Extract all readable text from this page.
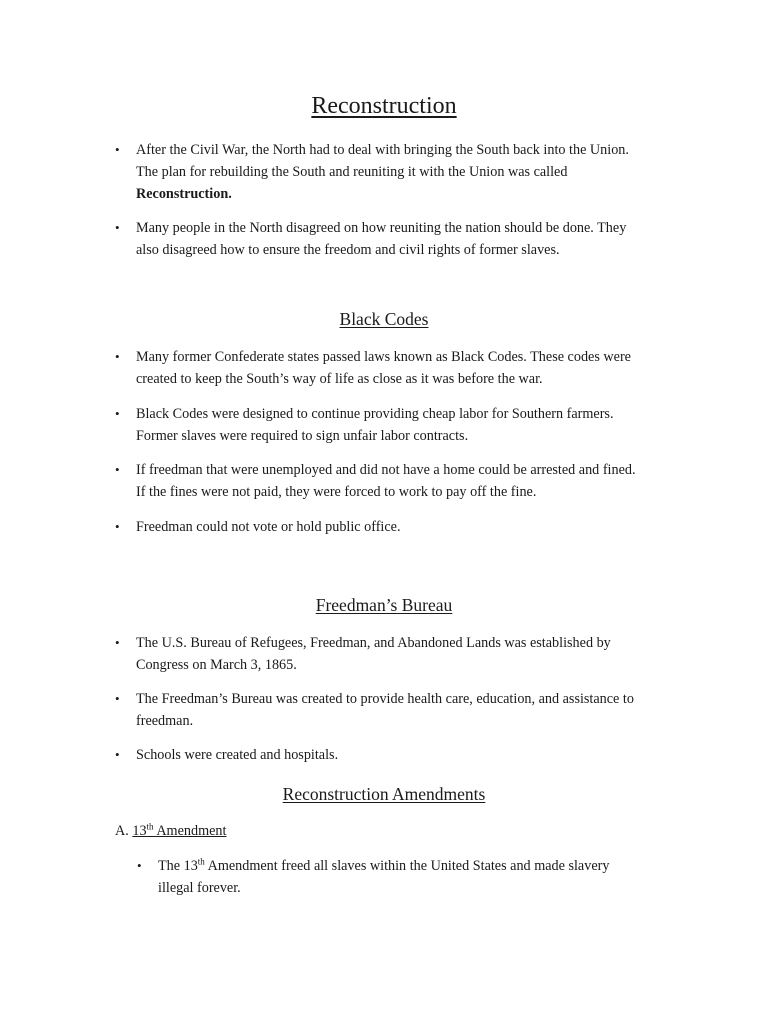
Reconstruction
• After the Civil War, the North had to deal with bringing the South back into the Union.
The plan for rebuilding the South and reuniting it with the Union was called
Reconstruction.
• Many people in the North disagreed on how reuniting the nation should be done. They
also disagreed how to ensure the freedom and civil rights of former slaves.
Black Codes
• Many former Confederate states passed laws known as Black Codes. These codes were
created to keep the South’s way of life as close as it was before the war.
• Black Codes were designed to continue providing cheap labor for Southern farmers.
Former slaves were required to sign unfair labor contracts.
• If freedman that were unemployed and did not have a home could be arrested and fined.
If the fines were not paid, they were forced to work to pay off the fine.
• Freedman could not vote or hold public office.
Freedman’s Bureau
• The U.S. Bureau of Refugees, Freedman, and Abandoned Lands was established by
Congress on March 3, 1865.
• The Freedman’s Bureau was created to provide health care, education, and assistance to
freedman.
• Schools were created and hospitals.
Reconstruction Amendments
A. 13th Amendment
• The 13th Amendment freed all slaves within the United States and made slavery
illegal forever.
